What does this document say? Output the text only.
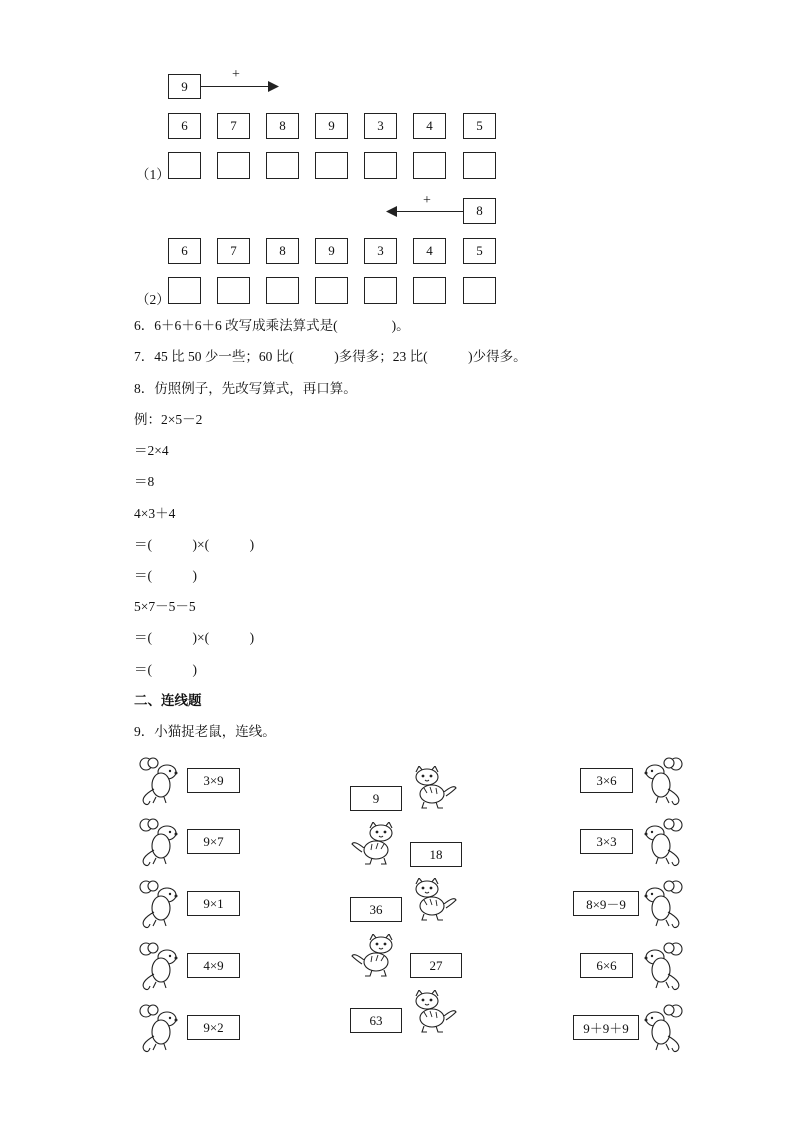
9
+
6	7	8	9	3	4	5
（1）
8
+
6	7	8	9	3	4	5
（2）
6．6＋6＋6＋6 改写成乘法算式是(　　　　)。
7．45 比 50 少一些；60 比(　　　)多得多；23 比(　　　)少得多。
8．仿照例子，先改写算式，再口算。
例：2×5－2
＝2×4
＝8
4×3＋4
＝(　　　)×(　　　)
＝(　　　)
5×7－5－5
＝(　　　)×(　　　)
＝(　　　)
二、连线题
9．小猫捉老鼠，连线。
3×9
9×7
9×1
4×9
9×2
3×6
3×3
8×9－9
6×6
9＋9＋9
9
18
36
27
63
